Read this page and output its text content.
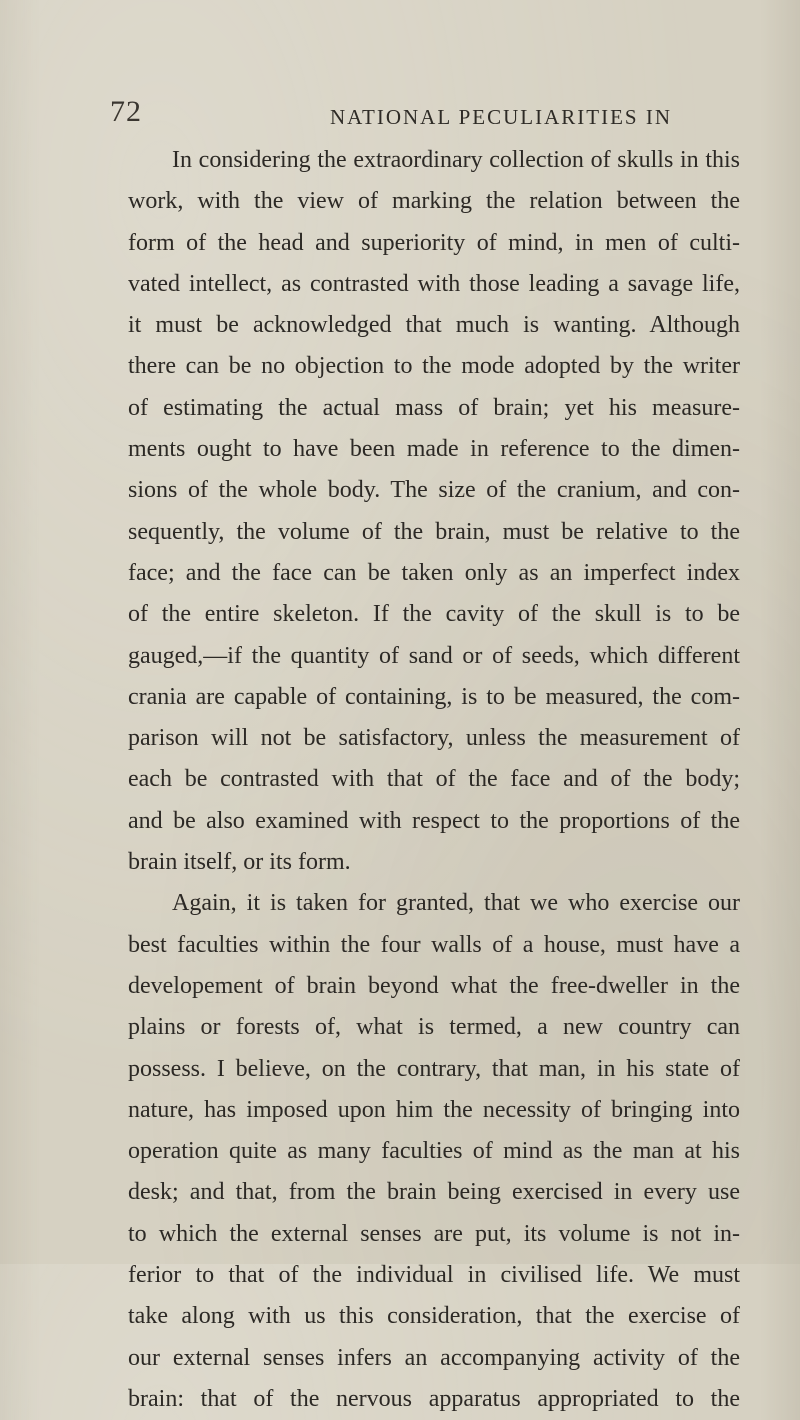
72	NATIONAL PECULIARITIES IN
In considering the extraordinary collection of skulls in this
work, with the view of marking the relation between the
form of the head and superiority of mind, in men of culti-
vated intellect, as contrasted with those leading a savage life,
it must be acknowledged that much is wanting. Although
there can be no objection to the mode adopted by the writer
of estimating the actual mass of brain; yet his measure-
ments ought to have been made in reference to the dimen-
sions of the whole body. The size of the cranium, and con-
sequently, the volume of the brain, must be relative to the
face; and the face can be taken only as an imperfect index
of the entire skeleton. If the cavity of the skull is to be
gauged,—if the quantity of sand or of seeds, which different
crania are capable of containing, is to be measured, the com-
parison will not be satisfactory, unless the measurement of
each be contrasted with that of the face and of the body;
and be also examined with respect to the proportions of the
brain itself, or its form.
Again, it is taken for granted, that we who exercise our
best faculties within the four walls of a house, must have a
developement of brain beyond what the free-dweller in the
plains or forests of, what is termed, a new country can
possess. I believe, on the contrary, that man, in his state of
nature, has imposed upon him the necessity of bringing into
operation quite as many faculties of mind as the man at his
desk; and that, from the brain being exercised in every use
to which the external senses are put, its volume is not in-
ferior to that of the individual in civilised life. We must
take along with us this consideration, that the exercise of
our external senses infers an accompanying activity of the
brain: that of the nervous apparatus appropriated to the
